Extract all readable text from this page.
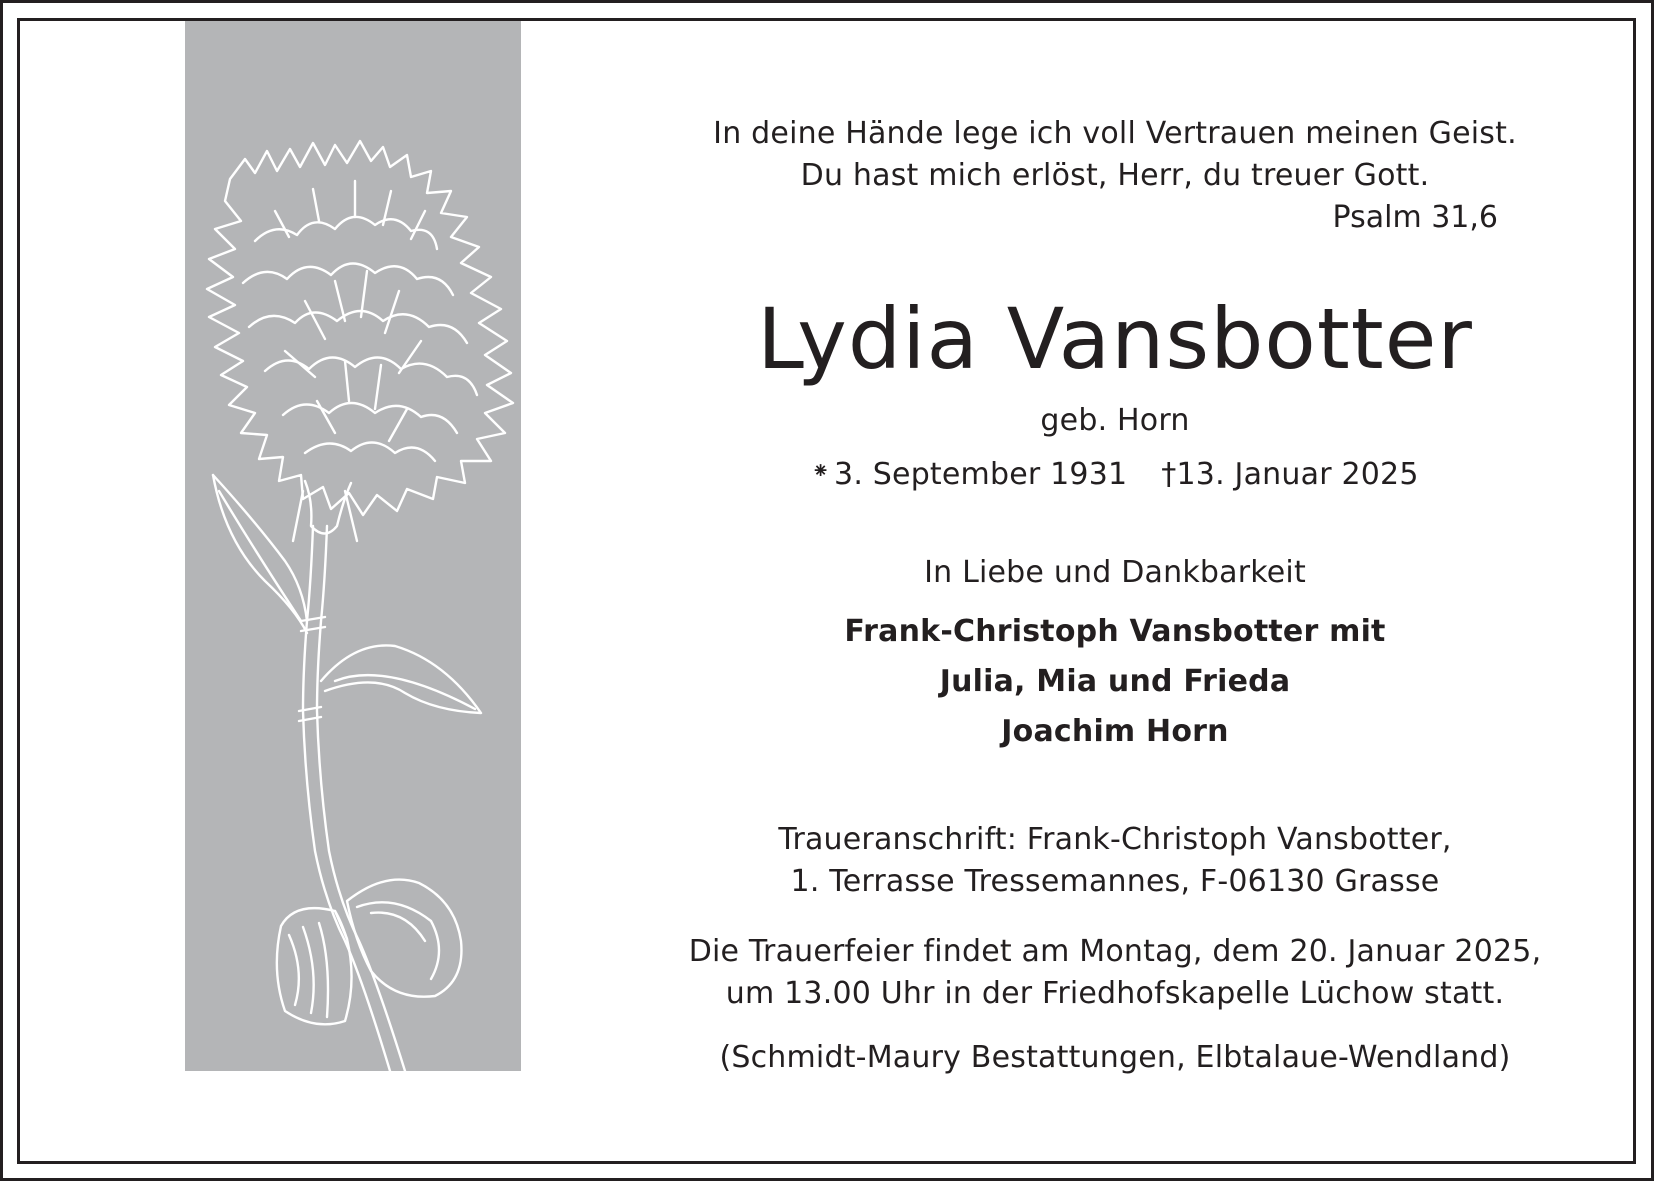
In deine Hände lege ich voll Vertrauen meinen Geist.
Du hast mich erlöst, Herr, du treuer Gott.
Psalm 31,6
Lydia Vansbotter
geb. Horn
⁕ 3. September 1931 †13. Januar 2025
In Liebe und Dankbarkeit
Frank-Christoph Vansbotter mit
Julia, Mia und Frieda
Joachim Horn
Traueranschrift: Frank-Christoph Vansbotter,
1. Terrasse Tressemannes, F-06130 Grasse
Die Trauerfeier findet am Montag, dem 20. Januar 2025,
um 13.00 Uhr in der Friedhofskapelle Lüchow statt.
(Schmidt-Maury Bestattungen, Elbtalaue-Wendland)
